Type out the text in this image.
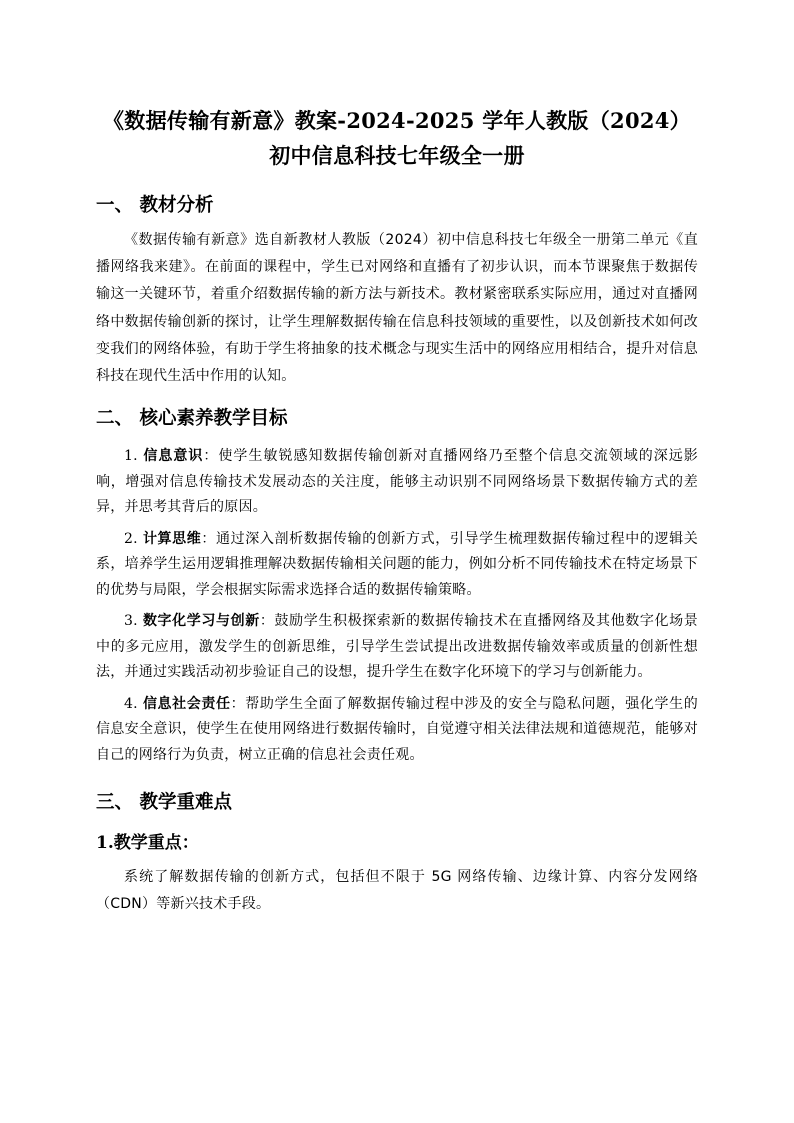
《数据传输有新意》教案-2024-2025 学年人教版（2024）
初中信息科技七年级全一册
一、 教材分析

《数据传输有新意》选自新教材人教版（2024）初中信息科技七年级全一册第二单元《直播网络我来建》。在前面的课程中，学生已对网络和直播有了初步认识，而本节课聚焦于数据传输这一关键环节，着重介绍数据传输的新方法与新技术。教材紧密联系实际应用，通过对直播网络中数据传输创新的探讨，让学生理解数据传输在信息科技领域的重要性，以及创新技术如何改变我们的网络体验，有助于学生将抽象的技术概念与现实生活中的网络应用相结合，提升对信息科技在现代生活中作用的认知。

二、 核心素养教学目标

1. 信息意识：使学生敏锐感知数据传输创新对直播网络乃至整个信息交流领域的深远影响，增强对信息传输技术发展动态的关注度，能够主动识别不同网络场景下数据传输方式的差异，并思考其背后的原因。

2. 计算思维：通过深入剖析数据传输的创新方式，引导学生梳理数据传输过程中的逻辑关系，培养学生运用逻辑推理解决数据传输相关问题的能力，例如分析不同传输技术在特定场景下的优势与局限，学会根据实际需求选择合适的数据传输策略。

3. 数字化学习与创新：鼓励学生积极探索新的数据传输技术在直播网络及其他数字化场景中的多元应用，激发学生的创新思维，引导学生尝试提出改进数据传输效率或质量的创新性想法，并通过实践活动初步验证自己的设想，提升学生在数字化环境下的学习与创新能力。

4. 信息社会责任：帮助学生全面了解数据传输过程中涉及的安全与隐私问题，强化学生的信息安全意识，使学生在使用网络进行数据传输时，自觉遵守相关法律法规和道德规范，能够对自己的网络行为负责，树立正确的信息社会责任观。

三、 教学重难点
1.教学重点：

系统了解数据传输的创新方式，包括但不限于 5G 网络传输、边缘计算、内容分发网络（CDN）等新兴技术手段。
